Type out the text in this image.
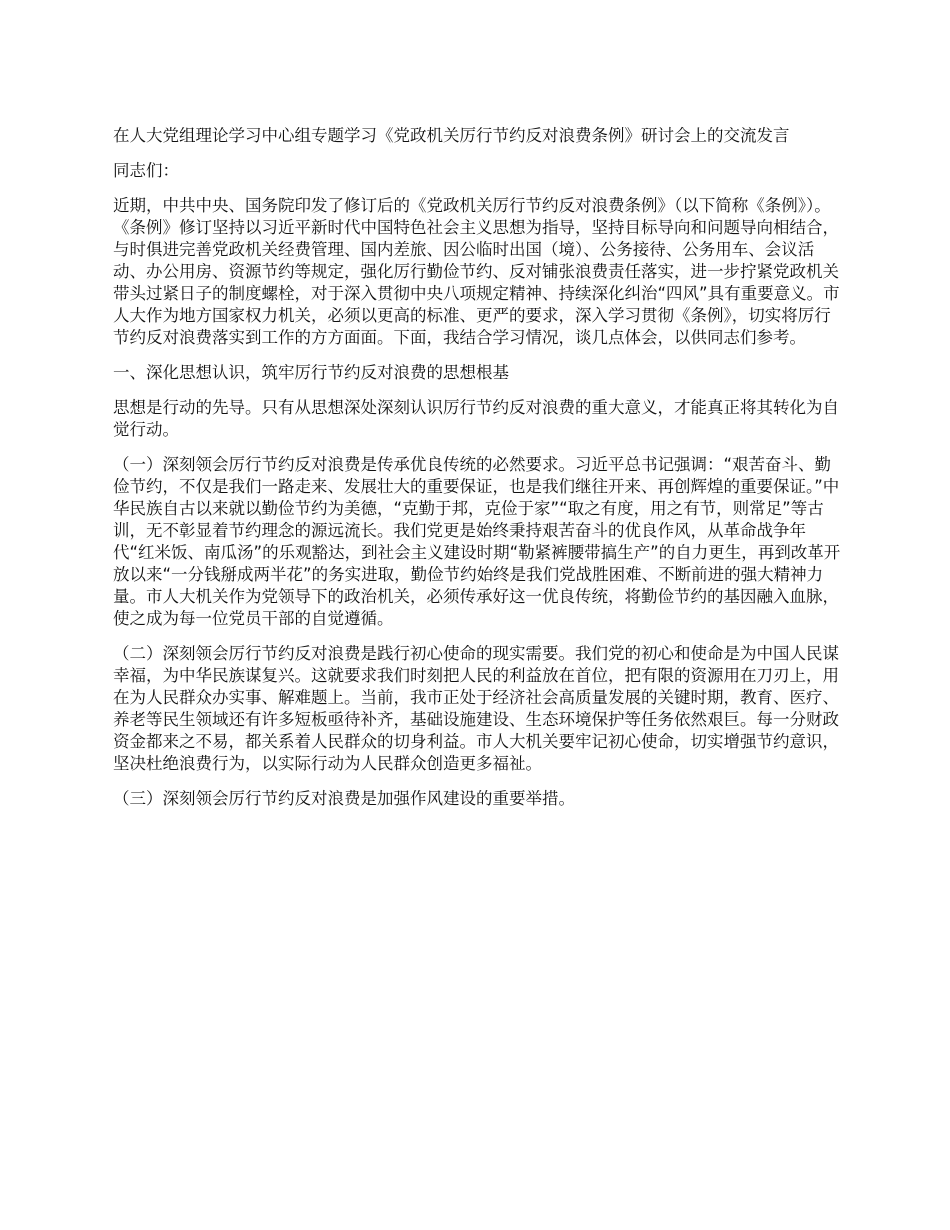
在人大党组理论学习中心组专题学习《党政机关厉行节约反对浪费条例》研讨会上的交流发言

同志们：

近期，中共中央、国务院印发了修订后的《党政机关厉行节约反对浪费条例》（以下简称《条例》）。《条例》修订坚持以习近平新时代中国特色社会主义思想为指导，坚持目标导向和问题导向相结合，与时俱进完善党政机关经费管理、国内差旅、因公临时出国（境）、公务接待、公务用车、会议活动、办公用房、资源节约等规定，强化厉行勤俭节约、反对铺张浪费责任落实，进一步拧紧党政机关带头过紧日子的制度螺栓，对于深入贯彻中央八项规定精神、持续深化纠治“四风”具有重要意义。市人大作为地方国家权力机关，必须以更高的标准、更严的要求，深入学习贯彻《条例》，切实将厉行节约反对浪费落实到工作的方方面面。下面，我结合学习情况，谈几点体会，以供同志们参考。

一、深化思想认识，筑牢厉行节约反对浪费的思想根基

思想是行动的先导。只有从思想深处深刻认识厉行节约反对浪费的重大意义，才能真正将其转化为自觉行动。

（一）深刻领会厉行节约反对浪费是传承优良传统的必然要求。习近平总书记强调：“艰苦奋斗、勤俭节约，不仅是我们一路走来、发展壮大的重要保证，也是我们继往开来、再创辉煌的重要保证。”中华民族自古以来就以勤俭节约为美德，“克勤于邦，克俭于家”“取之有度，用之有节，则常足”等古训，无不彰显着节约理念的源远流长。我们党更是始终秉持艰苦奋斗的优良作风，从革命战争年代“红米饭、南瓜汤”的乐观豁达，到社会主义建设时期“勒紧裤腰带搞生产”的自力更生，再到改革开放以来“一分钱掰成两半花”的务实进取，勤俭节约始终是我们党战胜困难、不断前进的强大精神力量。市人大机关作为党领导下的政治机关，必须传承好这一优良传统，将勤俭节约的基因融入血脉，使之成为每一位党员干部的自觉遵循。

（二）深刻领会厉行节约反对浪费是践行初心使命的现实需要。我们党的初心和使命是为中国人民谋幸福，为中华民族谋复兴。这就要求我们时刻把人民的利益放在首位，把有限的资源用在刀刃上，用在为人民群众办实事、解难题上。当前，我市正处于经济社会高质量发展的关键时期，教育、医疗、养老等民生领域还有许多短板亟待补齐，基础设施建设、生态环境保护等任务依然艰巨。每一分财政资金都来之不易，都关系着人民群众的切身利益。市人大机关要牢记初心使命，切实增强节约意识，坚决杜绝浪费行为，以实际行动为人民群众创造更多福祉。

（三）深刻领会厉行节约反对浪费是加强作风建设的重要举措。
